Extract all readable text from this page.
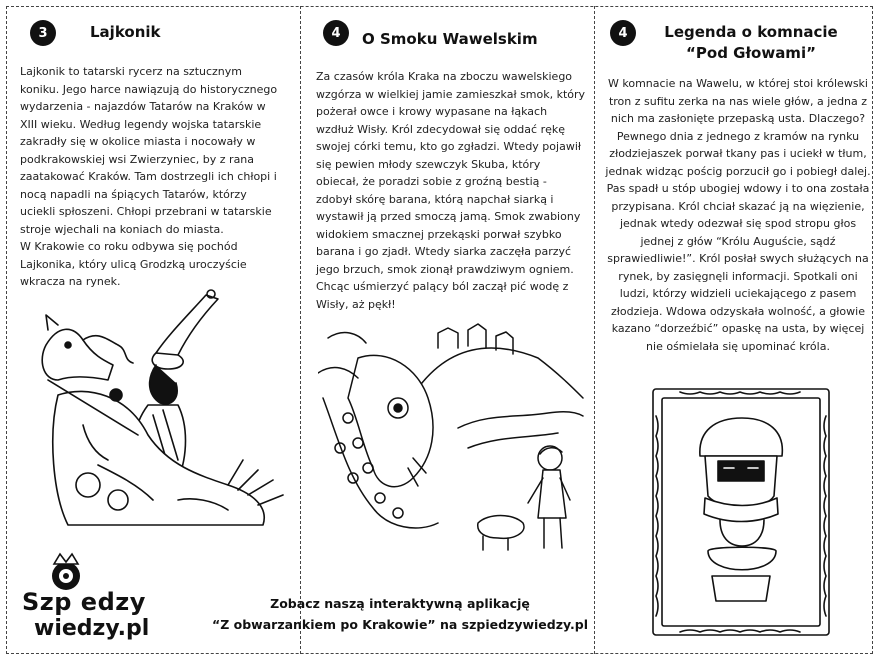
3	Lajkonik

Lajkonik to tatarski rycerz na sztucznym koniku. Jego harce nawiązują do historycznego wydarzenia - najazdów Tatarów na Kraków w XIII wieku. Według legendy wojska tatarskie zakradły się w okolice miasta i nocowały w podkrakowskiej wsi Zwierzyniec, by z rana zaatakować Kraków. Tam dostrzegli ich chłopi i nocą napadli na śpiących Tatarów, którzy uciekli spłoszeni. Chłopi przebrani w tatarskie stroje wjechali na koniach do miasta.

W Krakowie co roku odbywa się pochód Lajkonika, który ulicą Grodzką uroczyście wkracza na rynek.

Szp edzy
wiedzy.pl
4	O Smoku Wawelskim

Za czasów króla Kraka na zboczu wawelskiego wzgórza w wielkiej jamie zamieszkał smok, który pożerał owce i krowy wypasane na łąkach wzdłuż Wisły. Król zdecydował się oddać rękę swojej córki temu, kto go zgładzi. Wtedy pojawił się pewien młody szewczyk Skuba, który obiecał, że poradzi sobie z groźną bestią - zdobył skórę barana, którą napchał siarką i wystawił ją przed smoczą jamą. Smok zwabiony widokiem smacznej przekąski porwał szybko barana i go zjadł. Wtedy siarka zaczęła parzyć jego brzuch, smok zionął prawdziwym ogniem. Chcąc uśmierzyć palący ból zaczął pić wodę z Wisły, aż pękł!

Zobacz naszą interaktywną aplikację
“Z obwarzankiem po Krakowie” na szpiedzywiedzy.pl
4	Legenda o komnacie
“Pod Głowami”

W komnacie na Wawelu, w której stoi królewski tron z sufitu zerka na nas wiele głów, a jedna z nich ma zasłonięte przepaską usta. Dlaczego? Pewnego dnia z jednego z kramów na rynku złodziejaszek porwał tkany pas i uciekł w tłum, jednak widząc pościg porzucił go i pobiegł dalej. Pas spadł u stóp ubogiej wdowy i to ona została przypisana. Król chciał skazać ją na więzienie, jednak wtedy odezwał się spod stropu głos jednej z głów “Królu Auguście, sądź sprawiedliwie!”. Król posłał swych służących na rynek, by zasięgnęli informacji. Spotkali oni ludzi, którzy widzieli uciekającego z pasem złodzieja. Wdowa odzyskała wolność, a głowie kazano “dorzeźbić” opaskę na usta, by więcej nie ośmielała się upominać króla.
